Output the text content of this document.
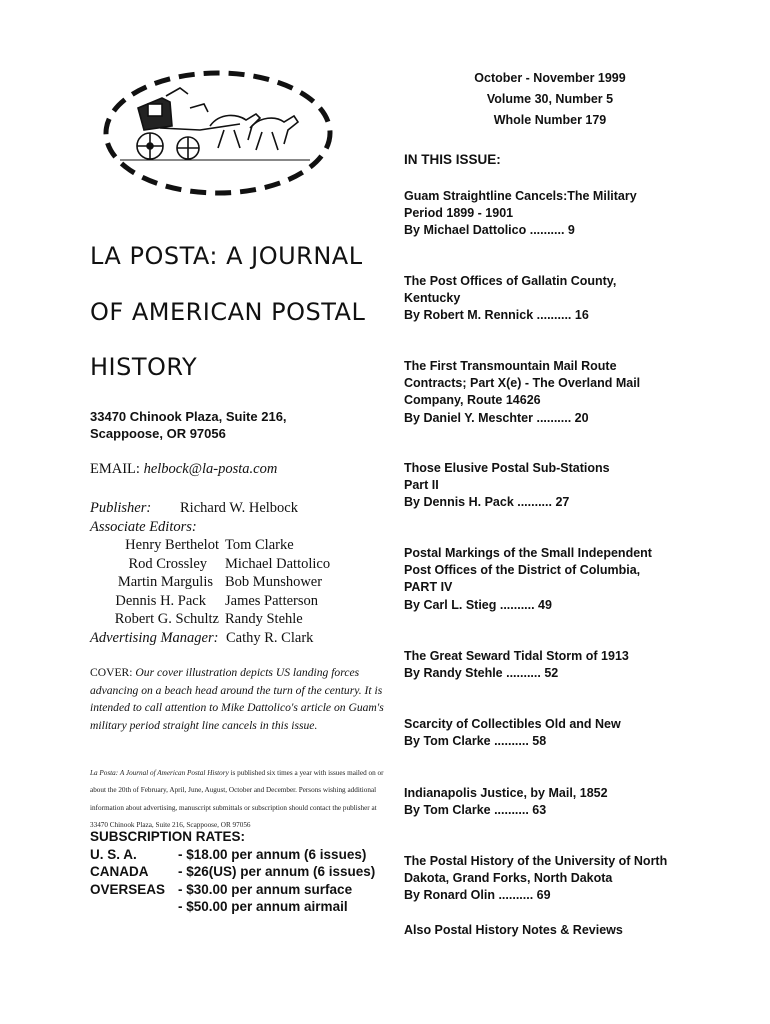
LA POSTA: A JOURNAL
OF AMERICAN POSTAL
HISTORY
33470 Chinook Plaza, Suite 216,
Scappoose, OR 97056
EMAIL: helbock@la-posta.com
Publisher: Richard W. Helbock
Associate Editors:
Henry Berthelot Tom Clarke
Rod Crossley Michael Dattolico
Martin Margulis Bob Munshower
Dennis H. Pack James Patterson
Robert G. Schultz Randy Stehle
Advertising Manager: Cathy R. Clark
COVER: Our cover illustration depicts US landing forces advancing on a beach head around the turn of the century. It is intended to call attention to Mike Dattolico's article on Guam's military period straight line cancels in this issue.
La Posta: A Journal of American Postal History is published six times a year with issues mailed on or about the 20th of February, April, June, August, October and December. Persons wishing additional information about advertising, manuscript submittals or subscription should contact the publisher at 33470 Chinook Plaza, Suite 216, Scappoose, OR 97056
SUBSCRIPTION RATES:
U. S. A.	- $18.00 per annum (6 issues)
CANADA - $26(US) per annum (6 issues)
OVERSEAS - $30.00 per annum surface
- $50.00 per annum airmail
October - November 1999
Volume 30, Number 5
Whole Number 179
IN THIS ISSUE:
Guam Straightline Cancels:The Military
Period 1899 - 1901
By Michael Dattolico .......... 9
The Post Offices of Gallatin County,
Kentucky
By Robert M. Rennick .......... 16
The First Transmountain Mail Route
Contracts; Part X(e) - The Overland Mail
Company, Route 14626
By Daniel Y. Meschter .......... 20
Those Elusive Postal Sub-Stations
Part II
By Dennis H. Pack .......... 27
Postal Markings of the Small Independent
Post Offices of the District of Columbia,
PART IV
By Carl L. Stieg .......... 49
The Great Seward Tidal Storm of 1913
By Randy Stehle .......... 52
Scarcity of Collectibles Old and New
By Tom Clarke .......... 58
Indianapolis Justice, by Mail, 1852
By Tom Clarke .......... 63
The Postal History of the University of North
Dakota, Grand Forks, North Dakota
By Ronard Olin .......... 69
Also Postal History Notes & Reviews
